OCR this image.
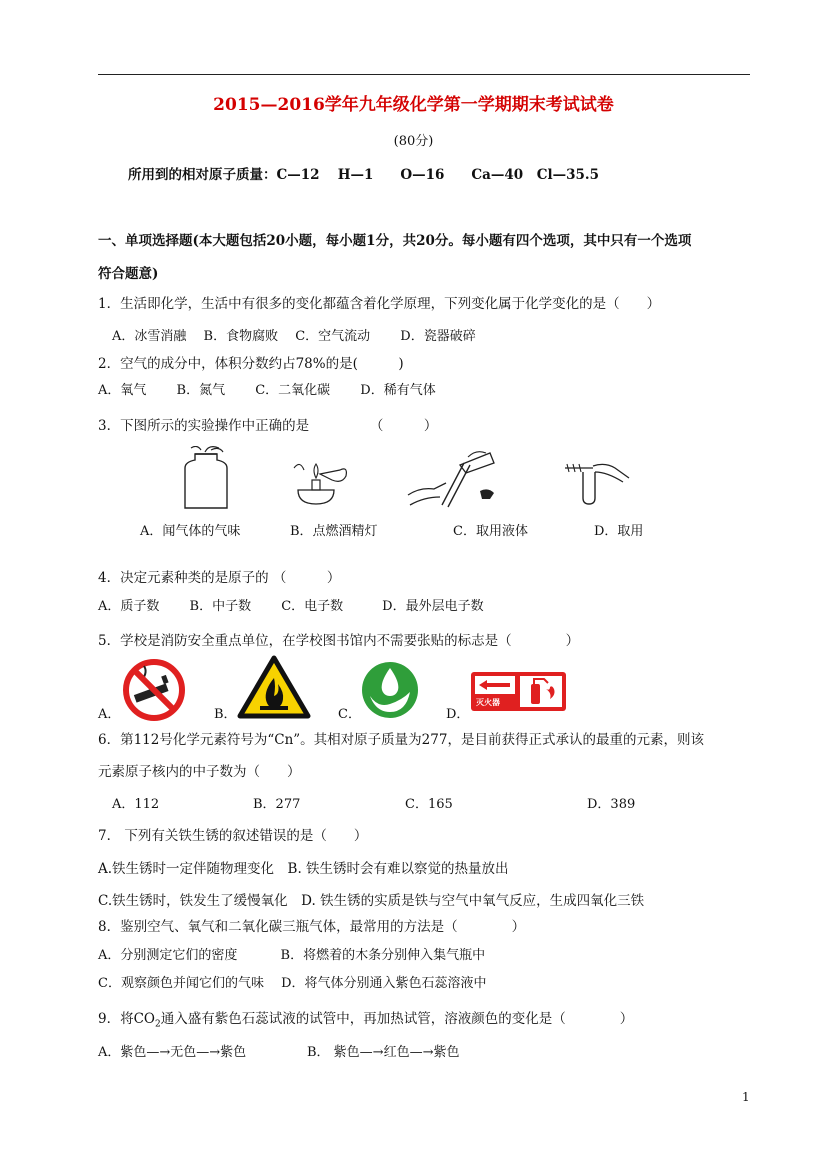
2015—2016学年九年级化学第一学期期末考试试卷
(80分)
所用到的相对原子质量：C—12　 H—1　　O—16　　Ca—40　Cl—35.5
一、单项选择题(本大题包括20小题，每小题1分，共20分。每小题有四个选项，其中只有一个选项
符合题意)
1．生活即化学，生活中有很多的变化都蕴含着化学原理，下列变化属于化学变化的是（　　）
A．冰雪消融　 B．食物腐败　 C．空气流动　　 D．瓷器破碎
2．空气的成分中，体积分数约占78%的是(　　　)
A．氧气　　 B．氮气　　 C．二氧化碳　　 D．稀有气体
3．下图所示的实验操作中正确的是　　　　　（　　　）
A．闻气体的气味	B．点燃酒精灯	C．取用液体	D．取用
4．决定元素种类的是原子的 （　　　）
A．质子数　　 B．中子数　　 C．电子数　　　D．最外层电子数
5．学校是消防安全重点单位，在学校图书馆内不需要张贴的标志是（　　　　）
A．	B．	C．	D．
灭火器
6．第112号化学元素符号为“Cn”。其相对原子质量为277，是目前获得正式承认的最重的元素，则该
元素原子核内的中子数为（　　）
A．112	B．277	C．165	D．389
7． 下列有关铁生锈的叙述错误的是（　　）
A.铁生锈时一定伴随物理变化　B. 铁生锈时会有难以察觉的热量放出
C.铁生锈时，铁发生了缓慢氧化　D. 铁生锈的实质是铁与空气中氧气反应，生成四氧化三铁
8．鉴别空气、氧气和二氧化碳三瓶气体，最常用的方法是（　　　　）
A．分别测定它们的密度　　　 B．将燃着的木条分别伸入集气瓶中
C．观察颜色并闻它们的气味　 D．将气体分别通入紫色石蕊溶液中
9．将$CO_2$通入盛有紫色石蕊试液的试管中，再加热试管，溶液颜色的变化是（　　　　）
A．紫色—→无色—→紫色	B． 紫色—→红色—→紫色
1
